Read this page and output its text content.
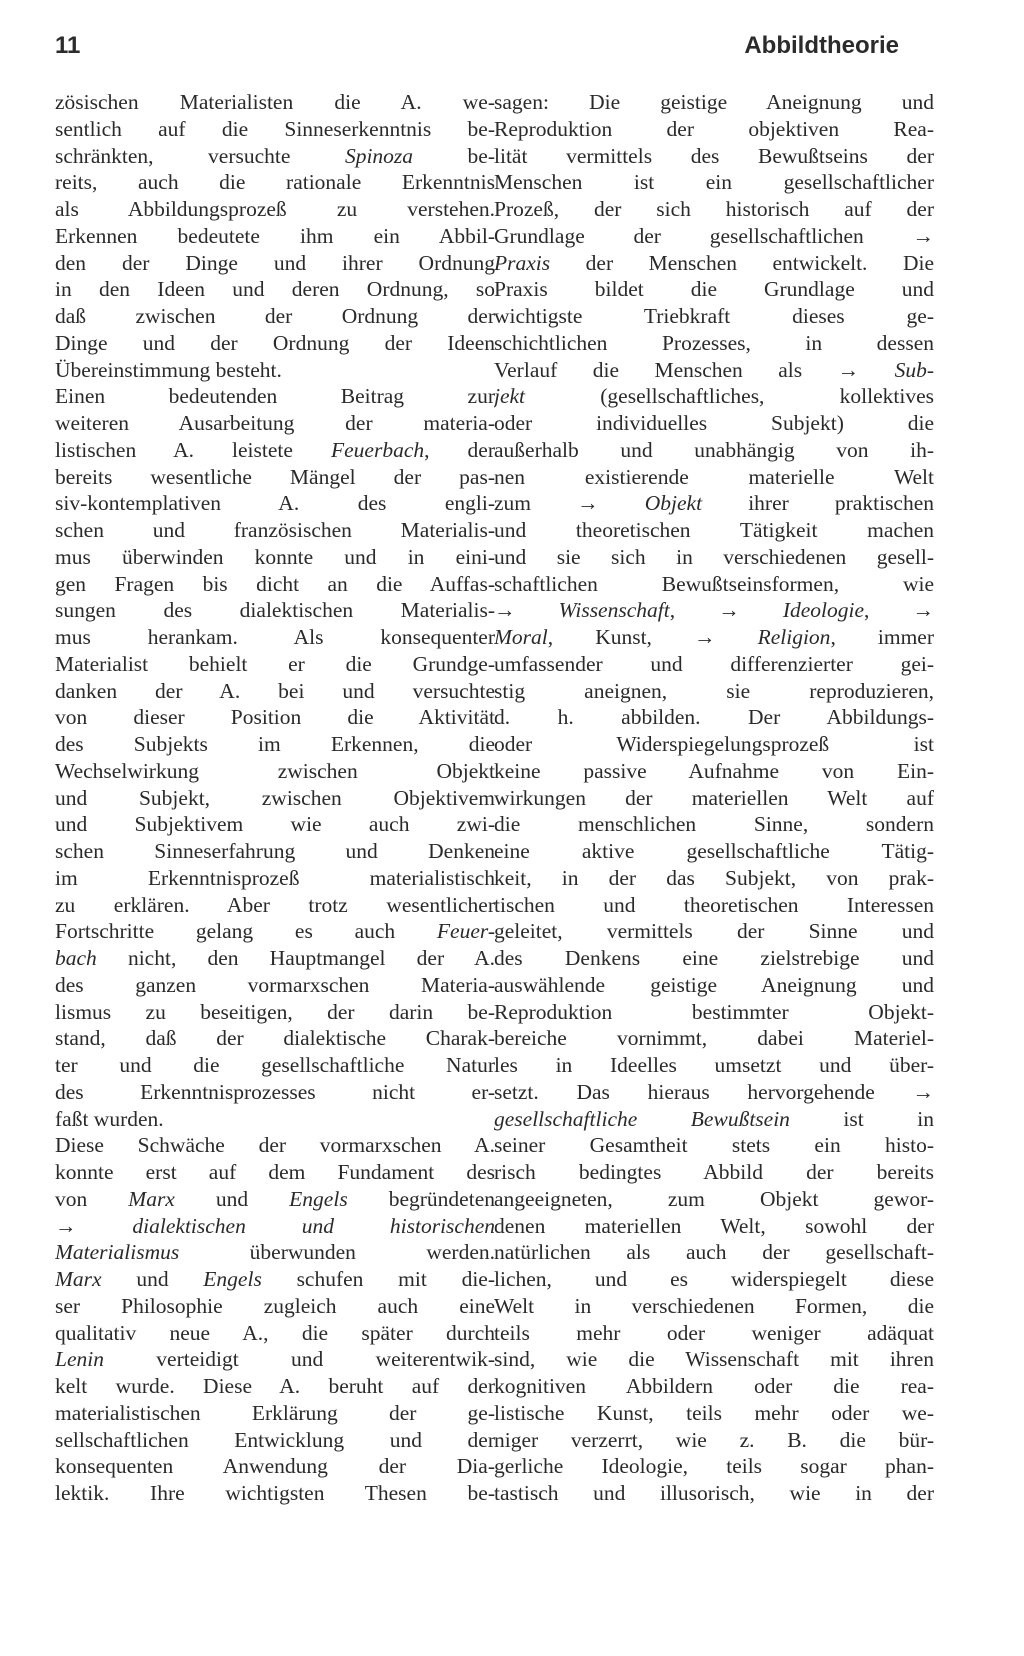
11	Abbildtheorie
zösischen Materialisten die A. we-
sentlich auf die Sinneserkenntnis be-
schränkten, versuchte Spinoza be-
reits, auch die rationale Erkenntnis
als Abbildungsprozeß zu verstehen.
Erkennen bedeutete ihm ein Abbil-
den der Dinge und ihrer Ordnung
in den Ideen und deren Ordnung, so
daß zwischen der Ordnung der
Dinge und der Ordnung der Ideen
Übereinstimmung besteht.
Einen bedeutenden Beitrag zur
weiteren Ausarbeitung der materia-
listischen A. leistete Feuerbach, der
bereits wesentliche Mängel der pas-
siv-kontemplativen A. des engli-
schen und französischen Materialis-
mus überwinden konnte und in eini-
gen Fragen bis dicht an die Auffas-
sungen des dialektischen Materialis-
mus herankam. Als konsequenter
Materialist behielt er die Grundge-
danken der A. bei und versuchte
von dieser Position die Aktivität
des Subjekts im Erkennen, die
Wechselwirkung zwischen Objekt
und Subjekt, zwischen Objektivem
und Subjektivem wie auch zwi-
schen Sinneserfahrung und Denken
im Erkenntnisprozeß materialistisch
zu erklären. Aber trotz wesentlicher
Fortschritte gelang es auch Feuer-
bach nicht, den Hauptmangel der A.
des ganzen vormarxschen Materia-
lismus zu beseitigen, der darin be-
stand, daß der dialektische Charak-
ter und die gesellschaftliche Natur
des Erkenntnisprozesses nicht er-
faßt wurden.
Diese Schwäche der vormarxschen A.
konnte erst auf dem Fundament des
von Marx und Engels begründeten
→ dialektischen und historischen
Materialismus überwunden werden.
Marx und Engels schufen mit die-
ser Philosophie zugleich auch eine
qualitativ neue A., die später durch
Lenin verteidigt und weiterentwik-
kelt wurde. Diese A. beruht auf der
materialistischen Erklärung der ge-
sellschaftlichen Entwicklung und der
konsequenten Anwendung der Dia-
lektik. Ihre wichtigsten Thesen be-
sagen: Die geistige Aneignung und
Reproduktion der objektiven Rea-
lität vermittels des Bewußtseins der
Menschen ist ein gesellschaftlicher
Prozeß, der sich historisch auf der
Grundlage der gesellschaftlichen →
Praxis der Menschen entwickelt. Die
Praxis bildet die Grundlage und
wichtigste Triebkraft dieses ge-
schichtlichen Prozesses, in dessen
Verlauf die Menschen als → Sub-
jekt (gesellschaftliches, kollektives
oder individuelles Subjekt) die
außerhalb und unabhängig von ih-
nen existierende materielle Welt
zum → Objekt ihrer praktischen
und theoretischen Tätigkeit machen
und sie sich in verschiedenen gesell-
schaftlichen Bewußtseinsformen, wie
→ Wissenschaft, → Ideologie, →
Moral, Kunst, → Religion, immer
umfassender und differenzierter gei-
stig aneignen, sie reproduzieren,
d. h. abbilden. Der Abbildungs-
oder Widerspiegelungsprozeß ist
keine passive Aufnahme von Ein-
wirkungen der materiellen Welt auf
die menschlichen Sinne, sondern
eine aktive gesellschaftliche Tätig-
keit, in der das Subjekt, von prak-
tischen und theoretischen Interessen
geleitet, vermittels der Sinne und
des Denkens eine zielstrebige und
auswählende geistige Aneignung und
Reproduktion bestimmter Objekt-
bereiche vornimmt, dabei Materiel-
les in Ideelles umsetzt und über-
setzt. Das hieraus hervorgehende →
gesellschaftliche Bewußtsein ist in
seiner Gesamtheit stets ein histo-
risch bedingtes Abbild der bereits
angeeigneten, zum Objekt gewor-
denen materiellen Welt, sowohl der
natürlichen als auch der gesellschaft-
lichen, und es widerspiegelt diese
Welt in verschiedenen Formen, die
teils mehr oder weniger adäquat
sind, wie die Wissenschaft mit ihren
kognitiven Abbildern oder die rea-
listische Kunst, teils mehr oder we-
niger verzerrt, wie z. B. die bür-
gerliche Ideologie, teils sogar phan-
tastisch und illusorisch, wie in der
